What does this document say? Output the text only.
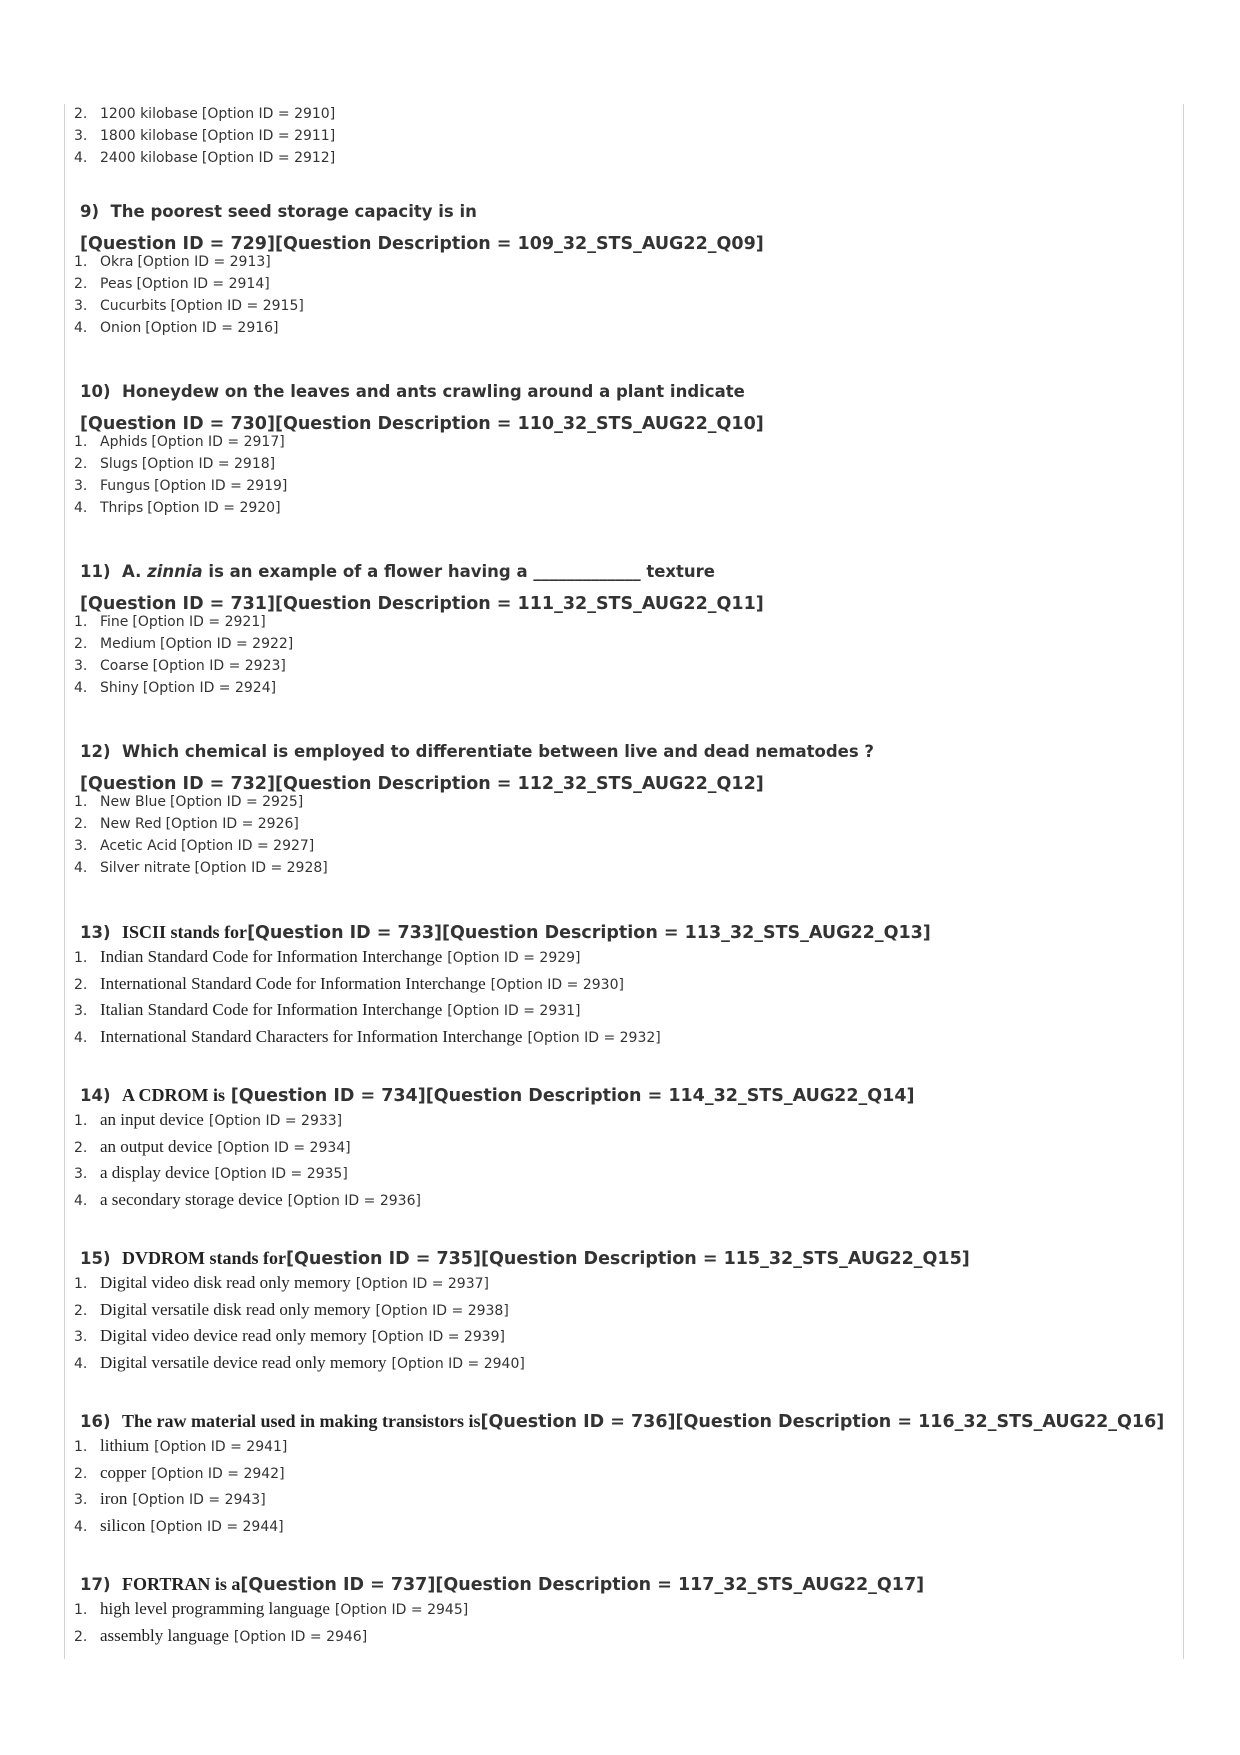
2. 1200 kilobase [Option ID = 2910]
3. 1800 kilobase [Option ID = 2911]
4. 2400 kilobase [Option ID = 2912]
9) The poorest seed storage capacity is in
[Question ID = 729][Question Description = 109_32_STS_AUG22_Q09]
1. Okra [Option ID = 2913]
2. Peas [Option ID = 2914]
3. Cucurbits [Option ID = 2915]
4. Onion [Option ID = 2916]
10) Honeydew on the leaves and ants crawling around a plant indicate
[Question ID = 730][Question Description = 110_32_STS_AUG22_Q10]
1. Aphids [Option ID = 2917]
2. Slugs [Option ID = 2918]
3. Fungus [Option ID = 2919]
4. Thrips [Option ID = 2920]
11) A. zinnia is an example of a flower having a _____________ texture
[Question ID = 731][Question Description = 111_32_STS_AUG22_Q11]
1. Fine [Option ID = 2921]
2. Medium [Option ID = 2922]
3. Coarse [Option ID = 2923]
4. Shiny [Option ID = 2924]
12) Which chemical is employed to differentiate between live and dead nematodes ?
[Question ID = 732][Question Description = 112_32_STS_AUG22_Q12]
1. New Blue [Option ID = 2925]
2. New Red [Option ID = 2926]
3. Acetic Acid [Option ID = 2927]
4. Silver nitrate [Option ID = 2928]
13) ISCII stands for[Question ID = 733][Question Description = 113_32_STS_AUG22_Q13]
1. Indian Standard Code for Information Interchange [Option ID = 2929]
2. International Standard Code for Information Interchange [Option ID = 2930]
3. Italian Standard Code for Information Interchange [Option ID = 2931]
4. International Standard Characters for Information Interchange [Option ID = 2932]
14) A CDROM is [Question ID = 734][Question Description = 114_32_STS_AUG22_Q14]
1. an input device [Option ID = 2933]
2. an output device [Option ID = 2934]
3. a display device [Option ID = 2935]
4. a secondary storage device [Option ID = 2936]
15) DVDROM stands for[Question ID = 735][Question Description = 115_32_STS_AUG22_Q15]
1. Digital video disk read only memory [Option ID = 2937]
2. Digital versatile disk read only memory [Option ID = 2938]
3. Digital video device read only memory [Option ID = 2939]
4. Digital versatile device read only memory [Option ID = 2940]
16) The raw material used in making transistors is[Question ID = 736][Question Description = 116_32_STS_AUG22_Q16]
1. lithium [Option ID = 2941]
2. copper [Option ID = 2942]
3. iron [Option ID = 2943]
4. silicon [Option ID = 2944]
17) FORTRAN is a[Question ID = 737][Question Description = 117_32_STS_AUG22_Q17]
1. high level programming language [Option ID = 2945]
2. assembly language [Option ID = 2946]
